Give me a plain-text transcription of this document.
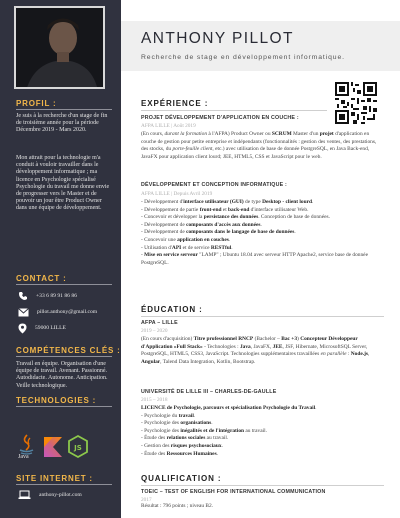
PROFIL :
Je suis à la recherche d'un stage de fin de troisième année pour la période Décembre 2019 - Mars 2020.
Mon attrait pour la technologie m'a conduit à vouloir travailler dans le développement informatique ; ma licence en Psychologie spécialisé Psychologie du travail me donne envie de progresser vers le Master et de pouvoir un jour être Product Owner dans une équipe de développement.
CONTACT :
+33 6 89 91 86 86
pillot.anthony@gmail.com
59000 LILLE
COMPÉTENCES CLÉS :
Travail en équipe. Organisation d'une équipe de travail. Avenant. Passionné. Autodidacte. Autonome. Anticipation. Veille technologique.
TECHNOLOGIES :
Java
JS
SITE INTERNET :
anthony-pillot.com
ANTHONY PILLOT
Recherche de stage en développement informatique.
EXPÉRIENCE :
PROJET DÉVELOPPEMENT D'APPLICATION EN COUCHE :
AFPA LILLE | Août 2019
(En cours, durant la formation à l'AFPA) Product Owner ou SCRUM Master d'un projet d'application en couche de gestion pour petite entreprise et indépendants (fonctionnalités : gestion des ventes, des prestations, des stocks, du porte-feuille client, etc.) avec utilisation de base de donnée PostgreSQL, en Java Back-end, JavaFX pour application client lourd; JEE, HTML5, CSS et JavaScript pour le web.
DÉVELOPPEMENT ET CONCEPTION INFORMATIQUE :
AFPA LILLE | Depuis Avril 2019
- Développement d'interface utilisateur (GUI) de type Desktop - client lourd.
- Développement de partie front-end et back-end d'interface utilisateur Web.
- Concevoir et développer la persistance des données. Conception de base de données.
- Développement de composants d'accès aux données.
- Développement de composants dans le langage de base de données.
- Concevoir une application en couches.
- Utilisation d'API et de service RESTful.
- Mise en service serveur "LAMP" ; Ubuntu 18.04 avec serveur HTTP Apache2, service base de donnée PostgreSQL.
ÉDUCATION :
AFPA – LILLE
2019 – 2020
(En cours d'acquisition) Titre professionnel RNCP (Bachelor – Bac +3) Concepteur Développeur d'Application «Full Stack» - Technologies : Java, JavaFX, JEE, JSF, Hibernate, MicrosoftSQL Server, PostgreSQL, HTML5, CSS3, JavaScript. Technologies supplémentaires travaillées en parallèle : Node.js, Angular, Talend Data Integration, Kotlin, Bootstrap.
UNIVERSITÉ DE LILLE III – CHARLES-DE-GAULLE
2015 – 2018
LICENCE de Psychologie, parcours et spécialisation Psychologie du Travail.
- Psychologie du travail.
- Psychologie des organisations.
- Psychologie des inégalités et de l'intégration au travail.
- Étude des relations sociales au travail.
- Gestion des risques psychosociaux.
- Étude des Ressources Humaines.
QUALIFICATION :
TOEIC – TEST OF ENGLISH FOR INTERNATIONAL COMMUNICATION
2017
Résultat : 796 points ; niveau B2.
